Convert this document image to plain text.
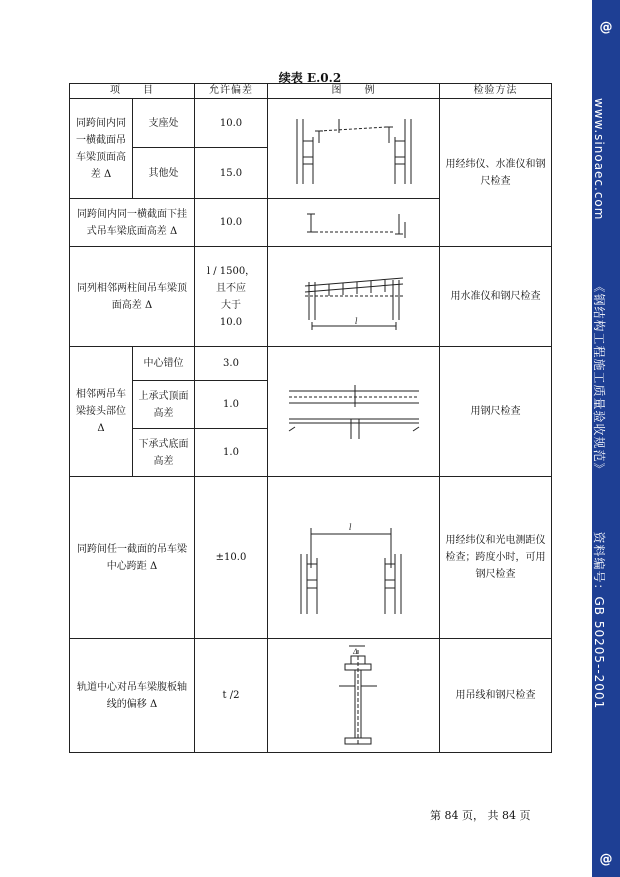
续表 E.0.2
项　　目		允许偏差	图　　例	检验方法
同跨间内同一横截面吊车梁顶面高差 Δ	支座处	10.0		用经纬仪、水准仪和钢尺检查
	其他处	15.0		
同跨间内同一横截面下挂式吊车梁底面高差 Δ		10.0	

同列相邻两柱间吊车梁顶面高差 Δ		l / 1500，
且不应
大于
10.0	l	用水准仪和钢尺检查
相邻两吊车梁接头部位 Δ	中心错位	3.0		用钢尺检查
	上承式顶面高差	1.0		
	下承式底面高差	1.0		
同跨间任一截面的吊车梁中心跨距 Δ		±10.0	l	用经纬仪和光电测距仪检查；跨度小时，可用钢尺检查
轨道中心对吊车梁腹板轴线的偏移 Δ		t /2	Δ	用吊线和钢尺检查
第 84 页， 共 84 页
@
www.sinoaec.com《钢结构工程施工质量验收规范》资料编号：GB 50205--2001
@
